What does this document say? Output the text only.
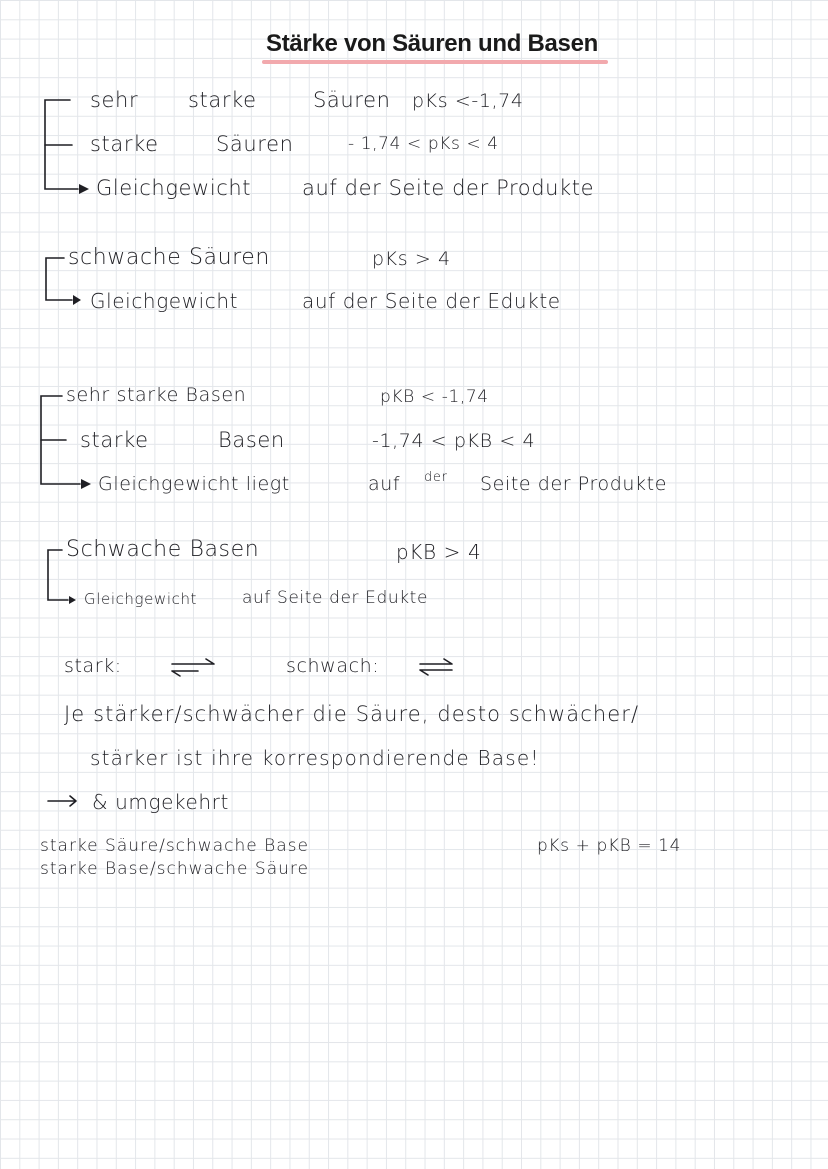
Stärke von Säuren und Basen
sehr starke	Säuren pKs <-1,74
starke	Säuren	- 1,74 < pKs < 4
Gleichgewicht auf der Seite der Produkte
schwache Säuren	pKs > 4
Gleichgewicht	auf der Seite der Edukte
sehr starke Basen	pKB < -1,74
starke	Basen	-1,74 < pKB < 4
Gleichgewicht liegt	auf der Seite der Produkte
Schwache Basen	pKB > 4
Gleichgewicht	auf Seite der Edukte
stark:	schwach:
Je stärker/schwächer die Säure, desto schwächer/
stärker ist ihre korrespondierende Base!
& umgekehrt
starke Säure/schwache Base
starke Base/schwache Säure
pKs + pKB = 14
